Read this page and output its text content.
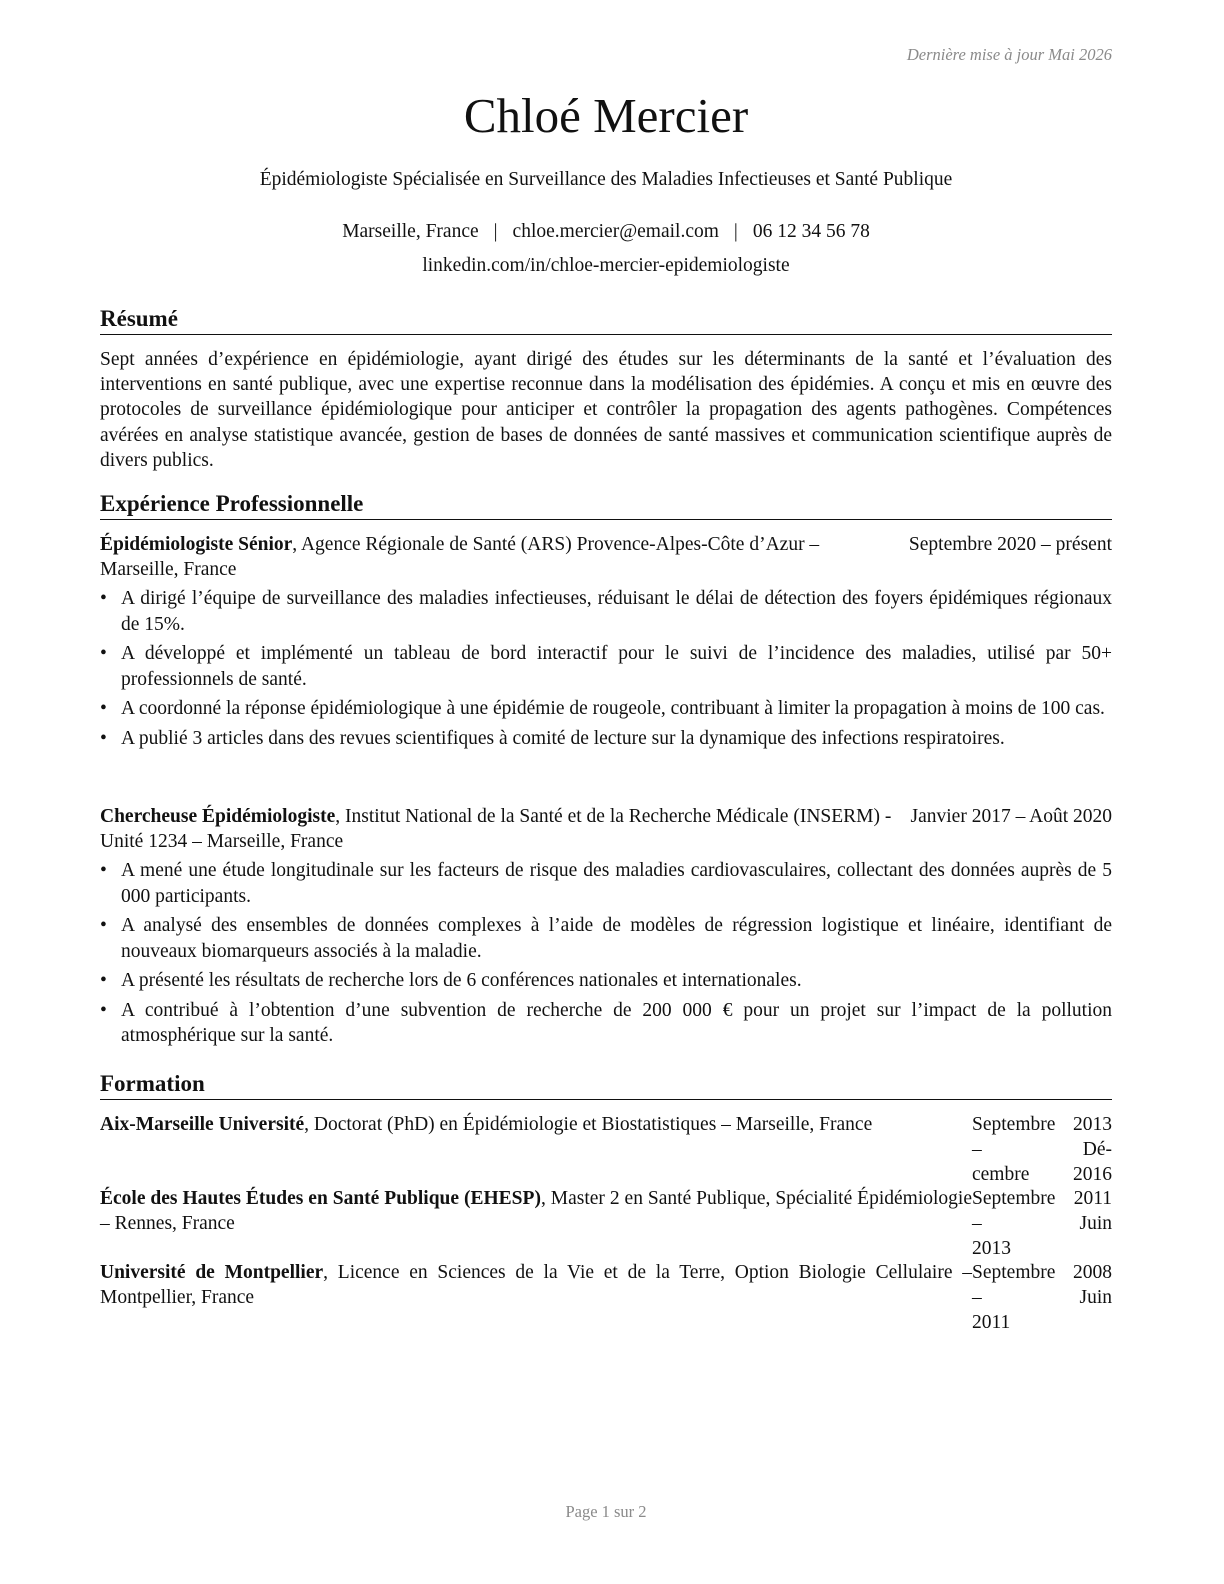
Dernière mise à jour Mai 2026
Chloé Mercier
Épidémiologiste Spécialisée en Surveillance des Maladies Infectieuses et Santé Publique
Marseille, France | chloe.mercier@email.com | 06 12 34 56 78
linkedin.com/in/chloe-mercier-epidemiologiste
Résumé
Sept années d’expérience en épidémiologie, ayant dirigé des études sur les déterminants de la santé et l’évaluation des interventions en santé publique, avec une expertise reconnue dans la modélisation des épidémies. A conçu et mis en œuvre des protocoles de surveillance épidémiologique pour anticiper et contrôler la propagation des agents pathogènes. Compétences avérées en analyse statistique avancée, gestion de bases de données de santé massives et communication scientifique auprès de divers publics.
Expérience Professionnelle
Septembre 2020 – présent
Épidémiologiste Sénior, Agence Régionale de Santé (ARS) Provence-Alpes-Côte d’Azur – Marseille, France
• A dirigé l’équipe de surveillance des maladies infectieuses, réduisant le délai de détection des foyers épidémiques régionaux de 15%.
• A développé et implémenté un tableau de bord interactif pour le suivi de l’incidence des maladies, utilisé par 50+ professionnels de santé.
• A coordonné la réponse épidémiologique à une épidémie de rougeole, contribuant à limiter la propagation à moins de 100 cas.
• A publié 3 articles dans des revues scientifiques à comité de lecture sur la dynamique des infections respiratoires.
Janvier 2017 – Août 2020
Chercheuse Épidémiologiste, Institut National de la Santé et de la Recherche Médicale (INSERM) - Unité 1234 – Marseille, France
• A mené une étude longitudinale sur les facteurs de risque des maladies cardiovasculaires, collectant des données auprès de 5 000 participants.
• A analysé des ensembles de données complexes à l’aide de modèles de régression logistique et linéaire, identifiant de nouveaux biomarqueurs associés à la maladie.
• A présenté les résultats de recherche lors de 6 conférences nationales et internationales.
• A contribué à l’obtention d’une subvention de recherche de 200 000 € pour un projet sur l’impact de la pollution atmosphérique sur la santé.
Formation
Aix-Marseille Université, Doctorat (PhD) en Épidémiologie et Biostatistiques – Marseille, France	Septembre 2013 – Dé-
cembre 2016
École des Hautes Études en Santé Publique (EHESP), Master 2 en Santé Publique, Spécialité Épidémiologie – Rennes, France
Septembre 2011 – Juin
2013
Université de Montpellier, Licence en Sciences de la Vie et de la Terre, Option Biologie Cellulaire – Montpellier, France
Septembre 2008 – Juin
2011
Page 1 sur 2
